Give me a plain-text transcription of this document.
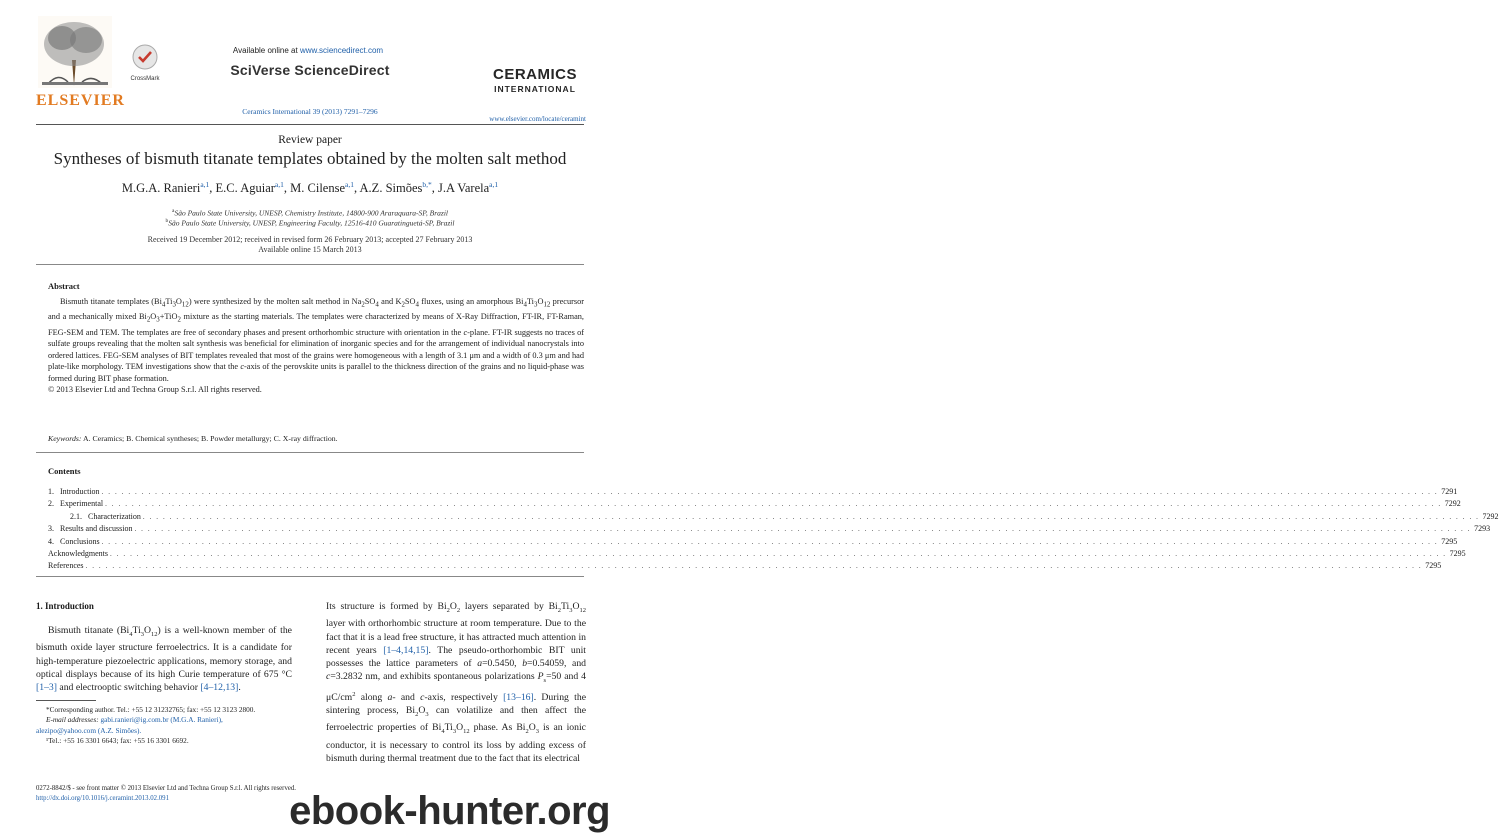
ELSEVIER
CrossMark
Available online at www.sciencedirect.com
SciVerse ScienceDirect
Ceramics International 39 (2013) 7291–7296
CERAMICS
INTERNATIONAL
www.elsevier.com/locate/ceramint
Review paper
Syntheses of bismuth titanate templates obtained by the molten salt method
M.G.A. Ranieri$^{a,1}$, E.C. Aguiar$^{a,1}$, M. Cilense$^{a,1}$, A.Z. Simões$^{b,*}$, J.A Varela$^{a,1}$
$^a$São Paulo State University, UNESP, Chemistry Institute, 14800-900 Araraquara-SP, Brazil
$^b$São Paulo State University, UNESP, Engineering Faculty, 12516-410 Guaratinguetá-SP, Brazil
Received 19 December 2012; received in revised form 26 February 2013; accepted 27 February 2013
Available online 15 March 2013
Abstract
Bismuth titanate templates $(Bi_4Ti_3O_{12})$ were synthesized by the molten salt method in $Na_2SO_4$ and $K_2SO_4$ fluxes, using an amorphous $Bi_4Ti_3O_{12}$ precursor and a mechanically mixed $Bi_2O_3+TiO_2$ mixture as the starting materials. The templates were characterized by means of X-Ray Diffraction, FT-IR, FT-Raman, FEG-SEM and TEM. The templates are free of secondary phases and present orthorhombic structure with orientation in the c-plane. FT-IR suggests no traces of sulfate groups revealing that the molten salt synthesis was beneficial for elimination of inorganic species and for the arrangement of individual nanocrystals into ordered lattices. FEG-SEM analyses of BIT templates revealed that most of the grains were homogeneous with a length of 3.1 μm and a width of 0.3 μm and had plate-like morphology. TEM investigations show that the c-axis of the perovskite units is parallel to the thickness direction of the grains and no liquid-phase was formed during BIT phase formation.
© 2013 Elsevier Ltd and Techna Group S.r.l. All rights reserved.
Keywords: A. Ceramics; B. Chemical syntheses; B. Powder metallurgy; C. X-ray diffraction.
Contents
1. Introduction . . . . . . . . . . . . . . . . . . . . . . . . . . . . . . . . . . . . . . . . . . . . . . . . . . . . . . . . . . . . . . . . . . . . . . . . . . . . . . . . . . . . . . . . . . . . . . . . . . . . . . . . . . . . . . . . . . . . . . . . . . . . . . . . . . . . . . . . . . . . . . . . . . . . . . . . . . . . . . . . . . . . . . . . . . . . . . . . . . . . . . . . . . . . . . . . . . . . . . . . 7291
2. Experimental . . . . . . . . . . . . . . . . . . . . . . . . . . . . . . . . . . . . . . . . . . . . . . . . . . . . . . . . . . . . . . . . . . . . . . . . . . . . . . . . . . . . . . . . . . . . . . . . . . . . . . . . . . . . . . . . . . . . . . . . . . . . . . . . . . . . . . . . . . . . . . . . . . . . . . . . . . . . . . . . . . . . . . . . . . . . . . . . . . . . . . . . . . . . . . . . . . . . . . . . 7292
2.1. Characterization . . . . . . . . . . . . . . . . . . . . . . . . . . . . . . . . . . . . . . . . . . . . . . . . . . . . . . . . . . . . . . . . . . . . . . . . . . . . . . . . . . . . . . . . . . . . . . . . . . . . . . . . . . . . . . . . . . . . . . . . . . . . . . . . . . . . . . . . . . . . . . . . . . . . . . . . . . . . . . . . . . . . . . . . . . . . . . . . . . . . . . . . . . . . . . . . . . . . . . . . 7292
3. Results and discussion . . . . . . . . . . . . . . . . . . . . . . . . . . . . . . . . . . . . . . . . . . . . . . . . . . . . . . . . . . . . . . . . . . . . . . . . . . . . . . . . . . . . . . . . . . . . . . . . . . . . . . . . . . . . . . . . . . . . . . . . . . . . . . . . . . . . . . . . . . . . . . . . . . . . . . . . . . . . . . . . . . . . . . . . . . . . . . . . . . . . . . . . . . . . . . . . . . . . . . . . 7293
4. Conclusions . . . . . . . . . . . . . . . . . . . . . . . . . . . . . . . . . . . . . . . . . . . . . . . . . . . . . . . . . . . . . . . . . . . . . . . . . . . . . . . . . . . . . . . . . . . . . . . . . . . . . . . . . . . . . . . . . . . . . . . . . . . . . . . . . . . . . . . . . . . . . . . . . . . . . . . . . . . . . . . . . . . . . . . . . . . . . . . . . . . . . . . . . . . . . . . . . . . . . . . . 7295
Acknowledgments . . . . . . . . . . . . . . . . . . . . . . . . . . . . . . . . . . . . . . . . . . . . . . . . . . . . . . . . . . . . . . . . . . . . . . . . . . . . . . . . . . . . . . . . . . . . . . . . . . . . . . . . . . . . . . . . . . . . . . . . . . . . . . . . . . . . . . . . . . . . . . . . . . . . . . . . . . . . . . . . . . . . . . . . . . . . . . . . . . . . . . . . . . . . . . . . . . . . . . . . 7295
References . . . . . . . . . . . . . . . . . . . . . . . . . . . . . . . . . . . . . . . . . . . . . . . . . . . . . . . . . . . . . . . . . . . . . . . . . . . . . . . . . . . . . . . . . . . . . . . . . . . . . . . . . . . . . . . . . . . . . . . . . . . . . . . . . . . . . . . . . . . . . . . . . . . . . . . . . . . . . . . . . . . . . . . . . . . . . . . . . . . . . . . . . . . . . . . . . . . . . . . . 7295
1. Introduction

Bismuth titanate $(Bi_4Ti_3O_{12})$ is a well-known member of the bismuth oxide layer structure ferroelectrics. It is a candidate for high-temperature piezoelectric applications, memory storage, and optical displays because of its high Curie temperature of 675 °C [1–3] and electrooptic switching behavior [4–12,13].

Its structure is formed by $Bi_2O_2$ layers separated by $Bi_2Ti_3O_{12}$ layer with orthorhombic structure at room temperature. Due to the fact that it is a lead free structure, it has attracted much attention in recent years [1–4,14,15]. The pseudo-orthorhombic BIT unit possesses the lattice parameters of a=0.5450, b=0.54059, and c=3.2832 nm, and exhibits spontaneous polarizations $P_s=50$ and 4 $\mu C/cm^2$ along a- and c-axis, respectively [13–16]. During the sintering process, $Bi_2O_3$ can volatilize and then affect the ferroelectric properties of $Bi_4Ti_3O_{12}$ phase. As $Bi_2O_3$ is an ionic conductor, it is necessary to control its loss by adding excess of bismuth during thermal treatment due to the fact that its electrical

*Corresponding author. Tel.: +55 12 31232765; fax: +55 12 3123 2800.
E-mail addresses: gabi.ranieri@ig.com.br (M.G.A. Ranieri),
alezipo@yahoo.com (A.Z. Simões).
¹Tel.: +55 16 3301 6643; fax: +55 16 3301 6692.
0272-8842/$ - see front matter © 2013 Elsevier Ltd and Techna Group S.r.l. All rights reserved.
http://dx.doi.org/10.1016/j.ceramint.2013.02.091	ebook-hunter.org
